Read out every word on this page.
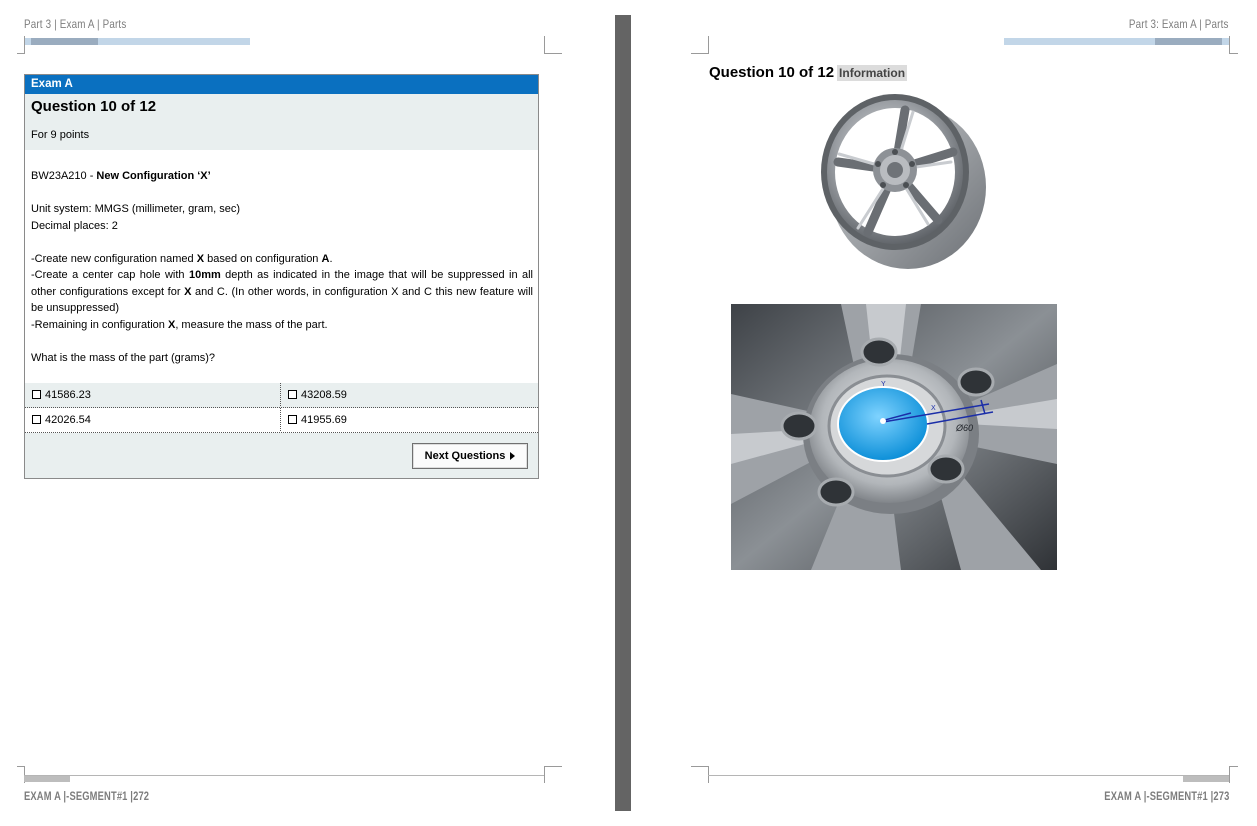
Part 3 | Exam A | Parts
Exam A
Question 10 of 12
For 9 points

BW23A210 - New Configuration ‘X’

Unit system: MMGS (millimeter, gram, sec)

Decimal places: 2

-Create new configuration named X based on configuration A.

-Create a center cap hole with 10mm depth as indicated in the image that will be suppressed in all other configurations except for X and C. (In other words, in configuration X and C this new feature will be unsuppressed)

-Remaining in configuration X, measure the mass of the part.

What is the mass of the part (grams)?

41586.23	43208.59
42026.54	41955.69
Next Questions
EXAM A |-SEGMENT#1 |272
Part 3: Exam A | Parts
Question 10 of 12 Information
Ø60
X
Y
EXAM A |-SEGMENT#1 |273
